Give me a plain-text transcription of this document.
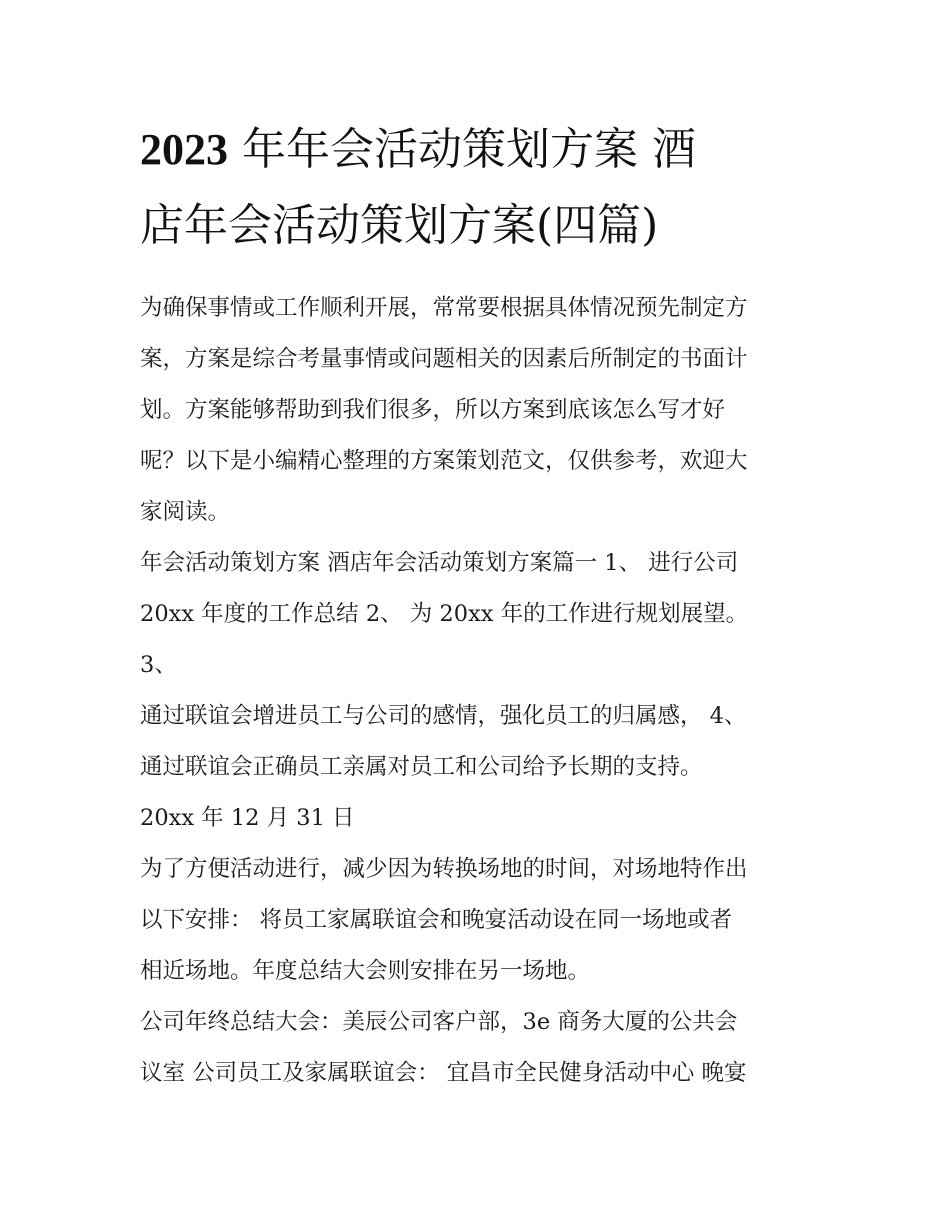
2023 年年会活动策划方案 酒
店年会活动策划方案(四篇)
为确保事情或工作顺利开展，常常要根据具体情况预先制定方
案，方案是综合考量事情或问题相关的因素后所制定的书面计
划。方案能够帮助到我们很多，所以方案到底该怎么写才好
呢？以下是小编精心整理的方案策划范文，仅供参考，欢迎大
家阅读。
年会活动策划方案 酒店年会活动策划方案篇一 1、 进行公司
20xx 年度的工作总结 2、 为 20xx 年的工作进行规划展望。
3、
通过联谊会增进员工与公司的感情，强化员工的归属感， 4、
通过联谊会正确员工亲属对员工和公司给予长期的支持。
20xx 年 12 月 31 日
为了方便活动进行，减少因为转换场地的时间，对场地特作出
以下安排： 将员工家属联谊会和晚宴活动设在同一场地或者
相近场地。年度总结大会则安排在另一场地。
公司年终总结大会：美辰公司客户部，3e 商务大厦的公共会
议室 公司员工及家属联谊会： 宜昌市全民健身活动中心 晚宴
